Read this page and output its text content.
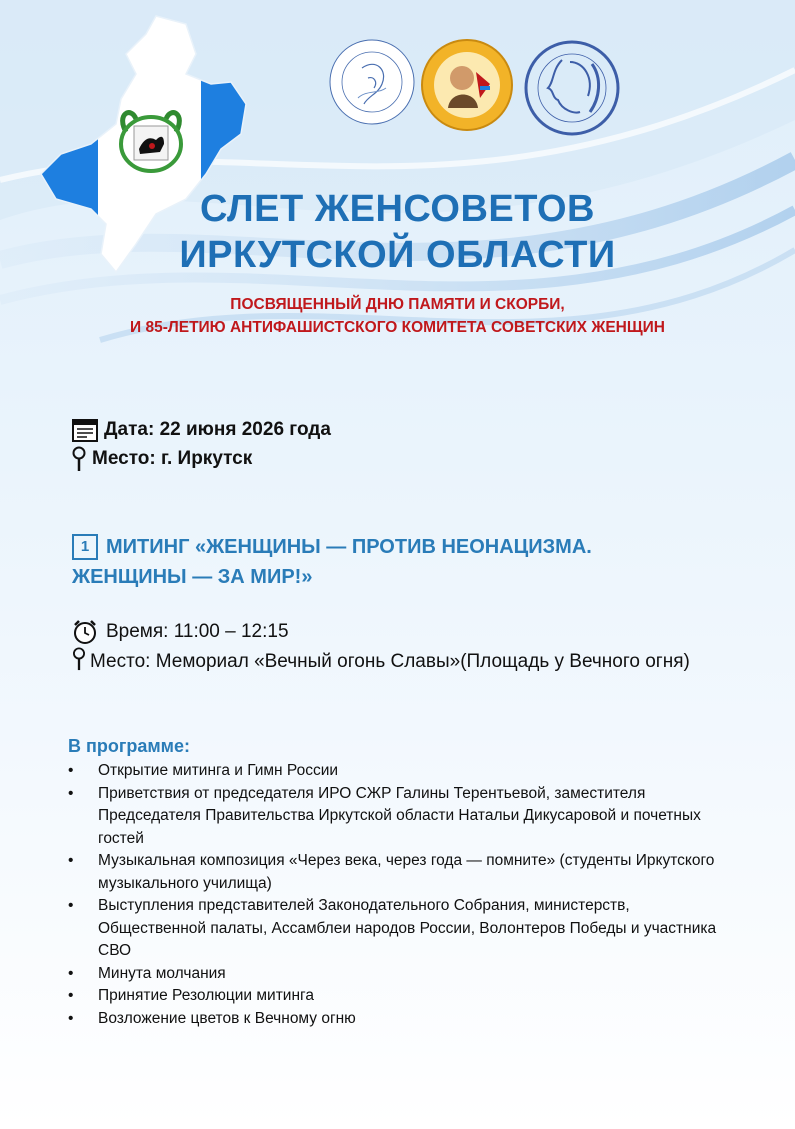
СЛЕТ ЖЕНСОВЕТОВ
ИРКУТСКОЙ ОБЛАСТИ
ПОСВЯЩЕННЫЙ ДНЮ ПАМЯТИ И СКОРБИ,
И 85-ЛЕТИЮ АНТИФАШИСТСКОГО КОМИТЕТА СОВЕТСКИХ ЖЕНЩИН
Дата: 22 июня 2026 года
Место: г. Иркутск
1 МИТИНГ «ЖЕНЩИНЫ — ПРОТИВ НЕОНАЦИЗМА.
ЖЕНЩИНЫ — ЗА МИР!»
Время: 11:00 – 12:15
Место: Мемориал «Вечный огонь Славы»(Площадь у Вечного огня)
В программе:
• Открытие митинга и Гимн России
• Приветствия от председателя ИРО СЖР Галины Терентьевой, заместителя Председателя Правительства Иркутской области Натальи Дикусаровой и почетных гостей
• Музыкальная композиция «Через века, через года — помните» (студенты Иркутского музыкального училища)
• Выступления представителей Законодательного Собрания, министерств, Общественной палаты, Ассамблеи народов России, Волонтеров Победы и участника СВО
• Минута молчания
• Принятие Резолюции митинга
• Возложение цветов к Вечному огню
